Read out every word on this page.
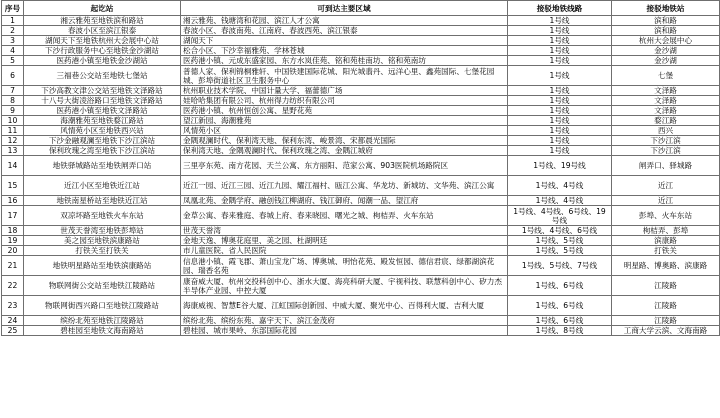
序号	起讫站	可到达主要区域	接驳地铁线路	接驳地铁站
1	湘云雅苑至地铁滨和路站	湘云雅苑、钱塘湾和花园、滨江人才公寓	1号线	滨和路
2	春波小区至滨江银泰	春波小区、春波南苑、江南府、春波西苑、滨江银泰	1号线	滨和路
3	湖闻天下至地铁杭州大会展中心站	湖闻天下	1号线	杭州大会展中心
4	下沙行政服务中心至地铁金沙湖站	松合小区、下沙幸福雅苑、学林苍城	1号线	金沙湖
5	医药港小镇至地铁金沙湖站	医药港小镇、元成东盛家园、东方水岚佳苑、铭和苑桂南坊、铭和苑南坊	1号线	金沙湖
6	三福巷公交站至地铁七堡站	普德人家、保利锦桐雅轩、中国铁建国际花城、阳光城翡丹、远洋心里、鑫苑国际、七堡花园城、彭埠街道社区卫生服务中心	1号线	七堡
7	下沙高教文津公交站至地铁文泽路站	杭州职业技术学院、中国计量大学、福蕾德广场	1号线	文泽路
8	十八号大街凌浴路口至地铁文泽路站	娃哈哈集团有限公司、杭州得力纺织有限公司	1号线	文泽路
9	医药港小镇至地铁文泽路站	医药港小镇、杭州恒创公寓、星野花苑	1号线	文泽路
10	海潮雅苑至地铁婺江路站	望江新园、海潮雅苑	1号线	婺江路
11	风情苑小区至地铁西兴站	风情苑小区	1号线	西兴
12	下沙金融观澜至地铁下沙江滨站	金隅观澜时代、保利湾天地、保利东湾、峻景湾、宋都晨光国际	1号线	下沙江滨
13	保利玫瑰之湾至地铁下沙江滨站	保利湾天地、金隅观澜时代、保利玫瑰之湾、金隅江城府	1号线	下沙江滨
14	地铁驿城路站至地铁闸弄口站	三里亭东苑、南方花园、天兰公寓、东方丽阳、范家公寓、903医院机场路院区	1号线、19号线	闸弄口、驿城路
15	近江小区至地铁近江站	近江一园、近江三园、近江九园、耀江福村、瓯江公寓、华龙坊、新城坊、文华苑、滨江公寓	1号线、4号线	近江
16	地铁南星桥站至地铁近江站	凤凰北苑、金隅学府、融创钱江柳湖府、钱江御府、闻潮一品、望江府	1号线、4号线	近江
17	双凉坏路至地铁火车东站	金草公寓、春来雅庭、春城上府、春来晓园、曙光之城、枸桔弄、火车东站	1号线、4号线、6号线、19号线	彭埠、火车东站
18	世茂天誉湾至地铁彭埠站	世茂天誉湾	1号线、4号线、6号线	枸桔弄、彭埠
19	美之园至地铁滨康路站	金地天逸、博奥花庭里、美之园、杜湖明廷	1号线、5号线	滨康路
20	打铁关至打铁关	市儿童医院、省人民医院	1号线、5号线	打铁关
21	地铁明星路站至地铁滨康路站	信息港小镇、霞飞郡、萧山宝龙广场、博奥城、明怡花苑、殿发恒园、德信君宸、绿都湖滨花园、瑞香名苑	1号线、5号线、7号线	明星路、博奥路、滨康路
22	物联网街公交站至地铁江陵路站	康奋威大厦、杭州交投科创中心、浙水大厦、海亮科研大厦、宇视科技、联慧科创中心、矽力杰半导体产业园、中控大厦	1号线、6号线	江陵路
23	物联网街西兴路口至地铁江陵路站	海康威视、智慧E谷大厦、江虹国际创新园、中威大厦、聚光中心、百得利大厦、吉利大厦	1号线、6号线	江陵路
24	缤纷北苑至地铁江陵路站	缤纷北苑、缤纷东苑、嘉宇天下、滨江金茂府	1号线、6号线	江陵路
25	碧桂园至地铁文海南路站	碧桂园、城市果岭、东部国际花园	1号线、8号线	工商大学云滨、文海南路
